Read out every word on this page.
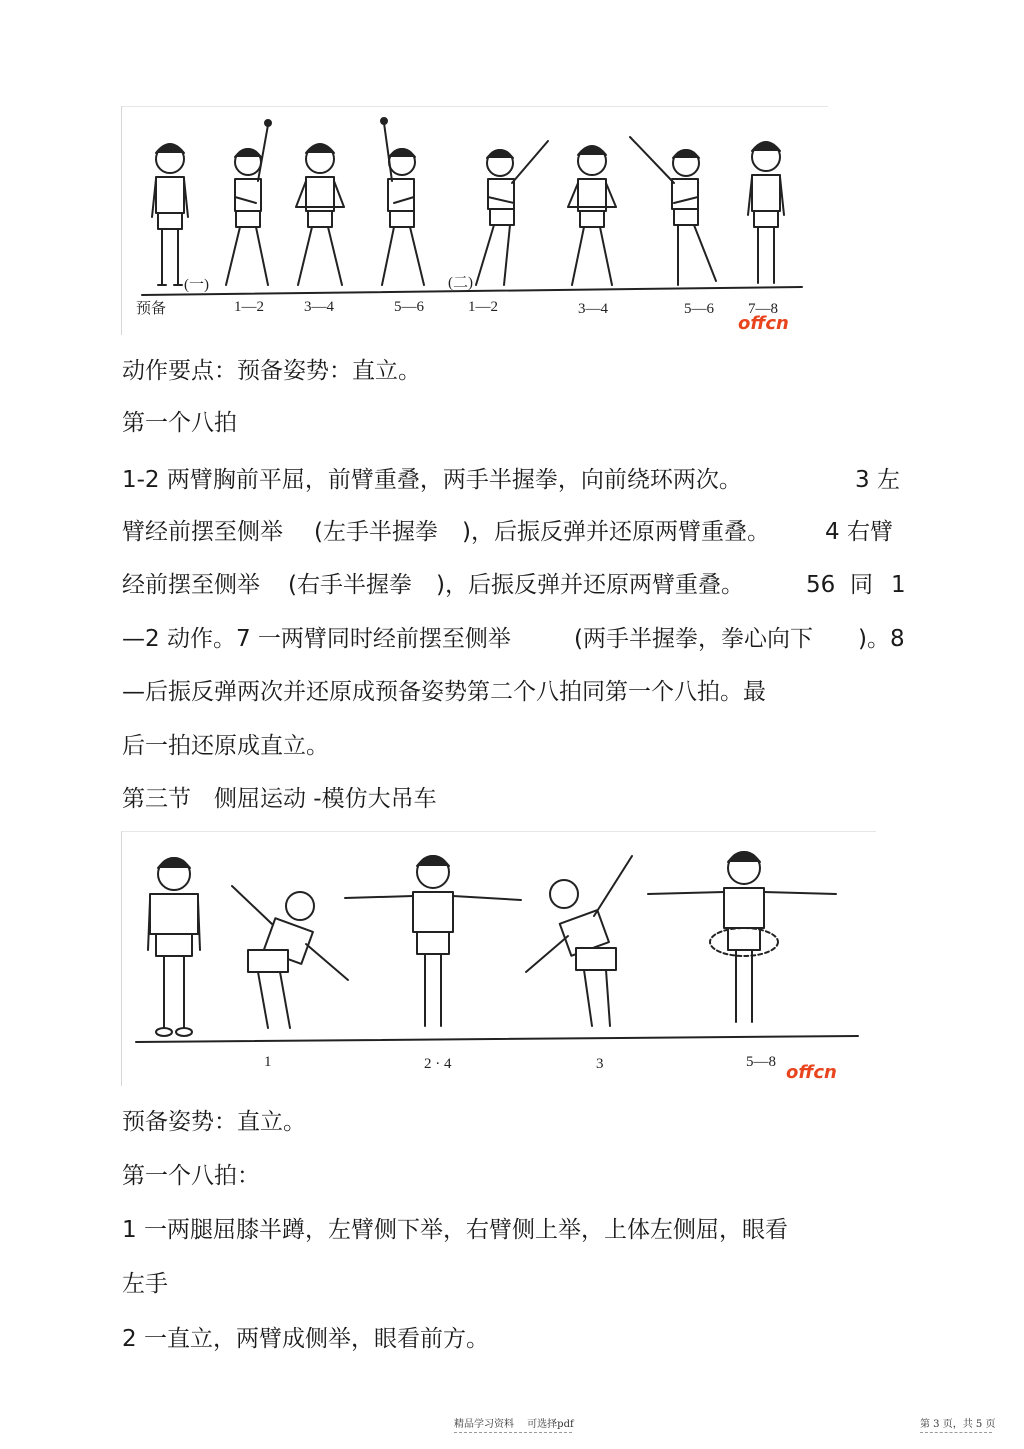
(一)	(二)
预备	1—2	3—4	5—6	1—2	3—4	5—6 7—8
offcn
动作要点：预备姿势：直立。
第一个八拍
1-2 两臂胸前平屈，前臂重叠，两手半握拳，向前绕环两次。	3 左
臂经前摆至侧举 (左手半握拳 )，后振反弹并还原两臂重叠。 4 右臂
经前摆至侧举 (右手半握拳 )，后振反弹并还原两臂重叠。	56 同 1
—2 动作。7 一两臂同时经前摆至侧举	(两手半握拳，拳心向下 )。8
—后振反弹两次并还原成预备姿势第二个八拍同第一个八拍。最
后一拍还原成直立。
第三节　侧屈运动 -模仿大吊车
1	2 · 4	3	5—8 offcn
预备姿势：直立。
第一个八拍：
1 一两腿屈膝半蹲，左臂侧下举，右臂侧上举，上体左侧屈，眼看
左手
2 一直立，两臂成侧举，眼看前方。
精品学习资料　 可选择pdf	第 3 页，共 5 页
